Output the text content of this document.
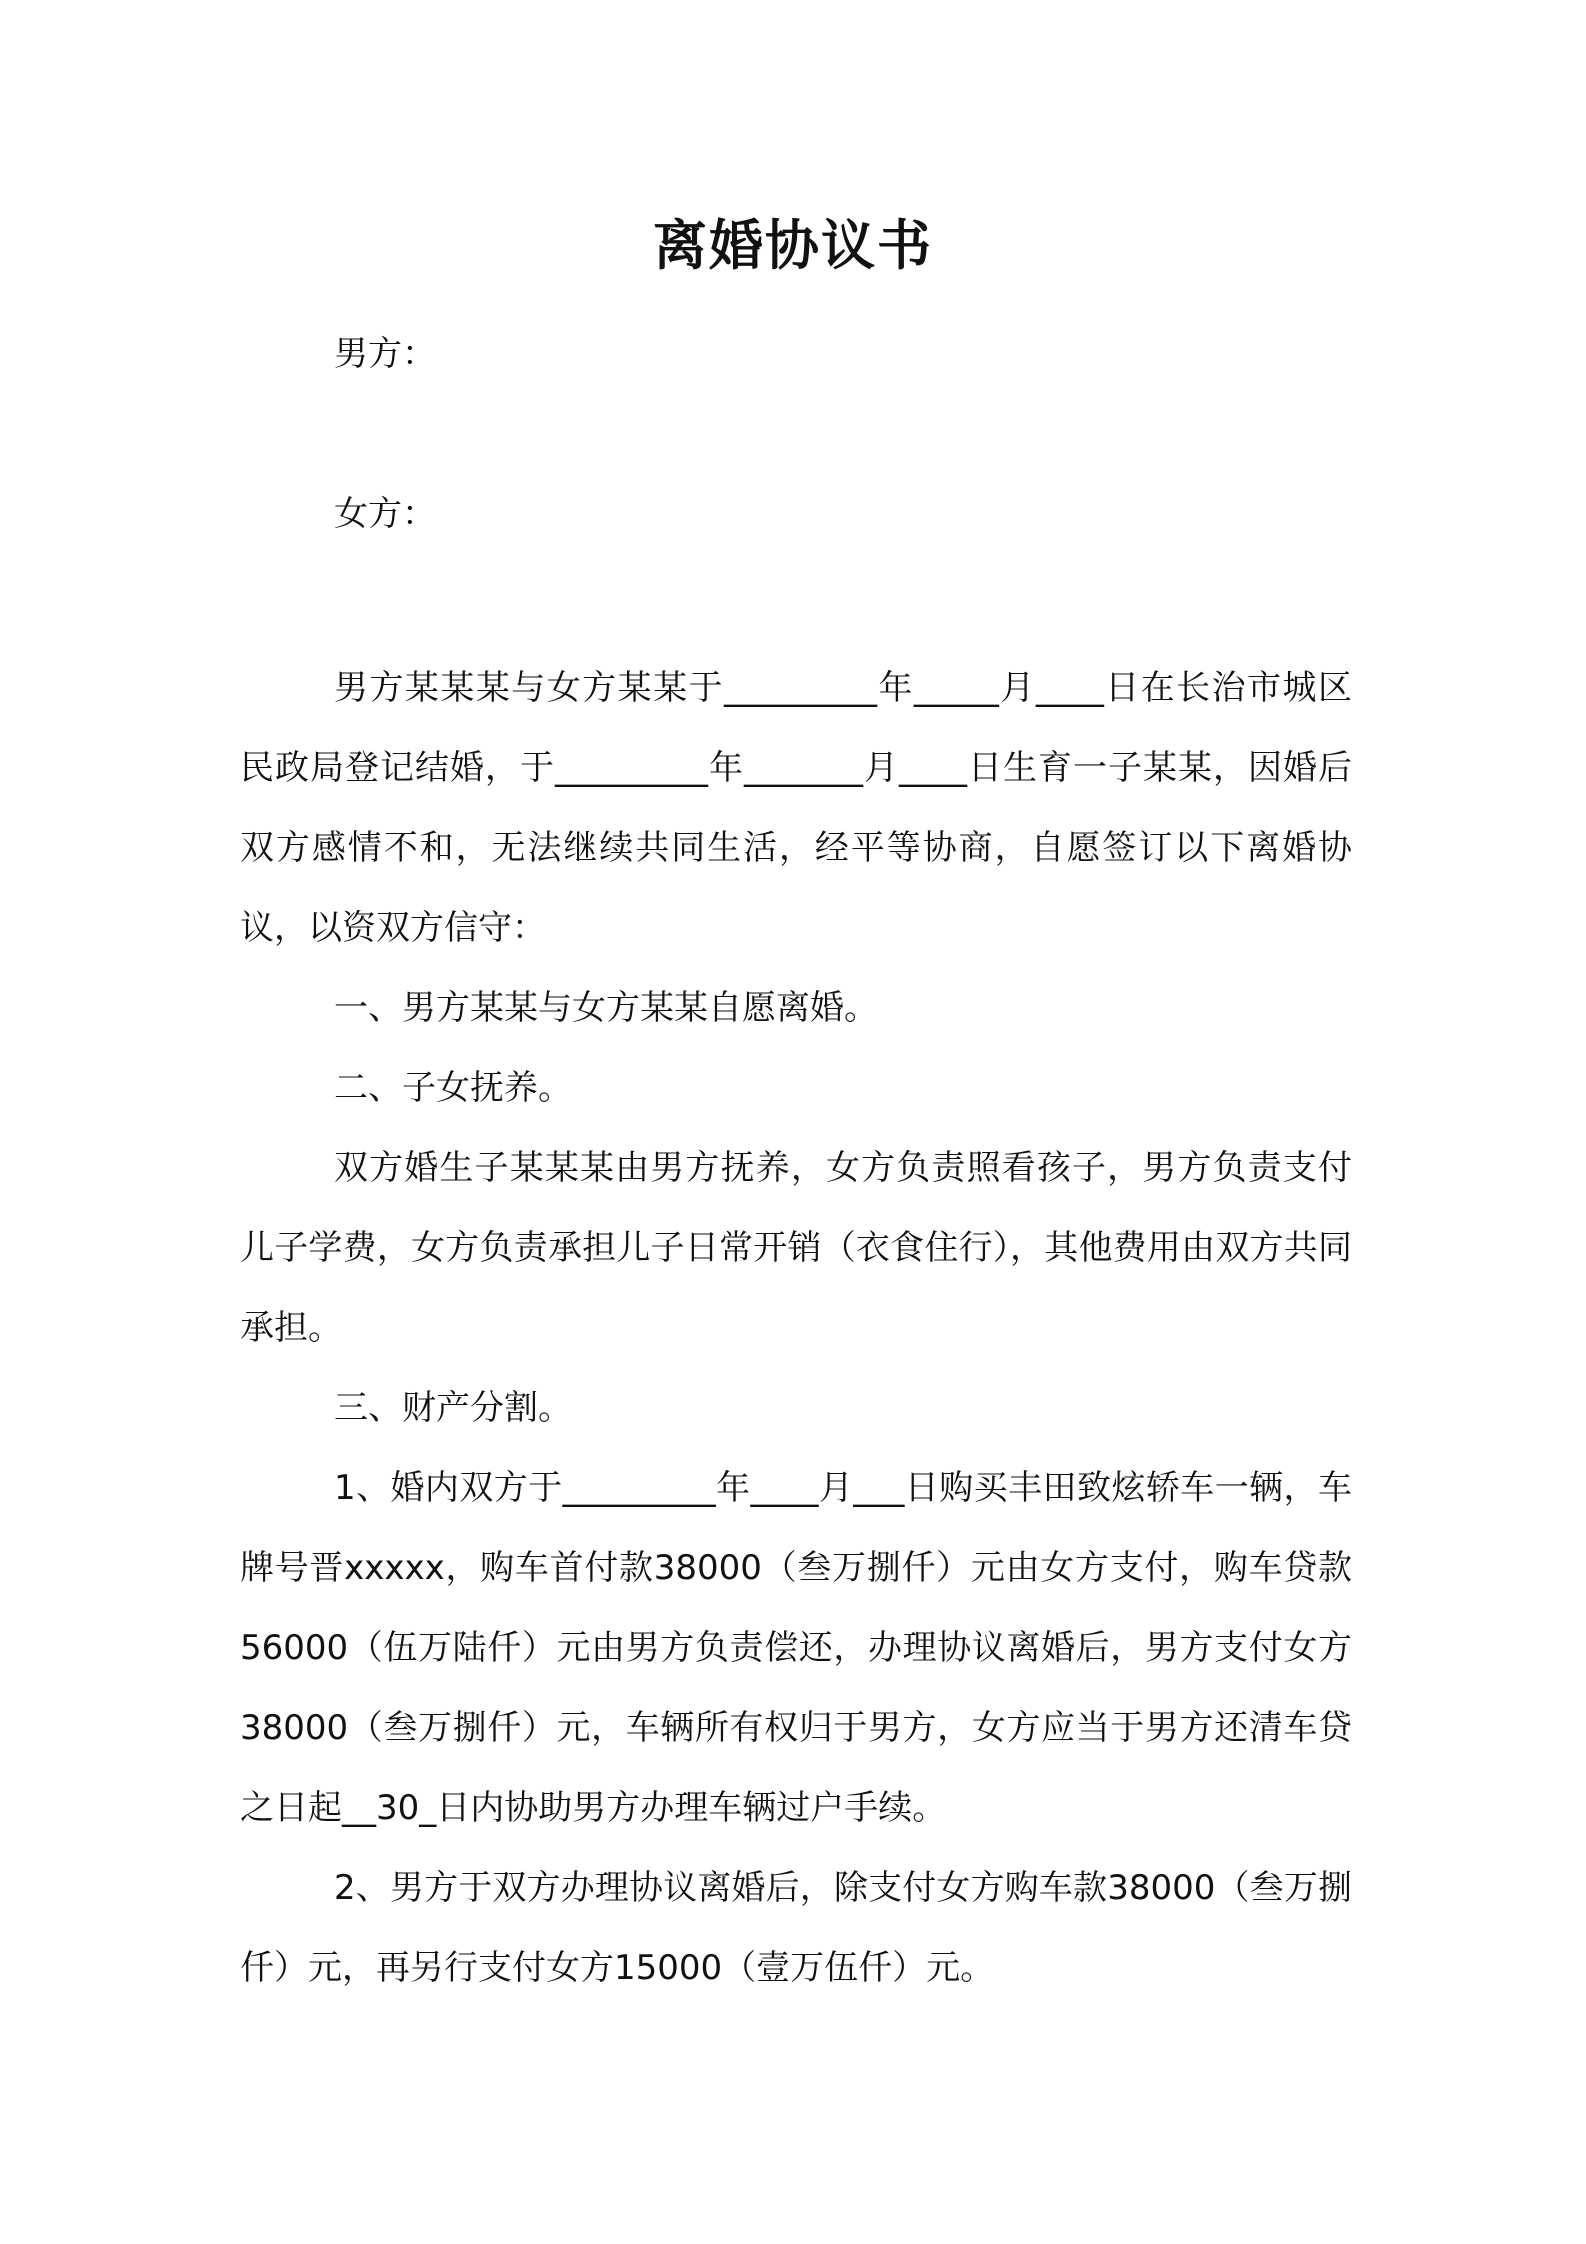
离婚协议书
男方：
女方：

男方某某某与女方某某于_________年_____月____日在长治市城区民政局登记结婚，于_________年_______月____日生育一子某某，因婚后双方感情不和，无法继续共同生活，经平等协商，自愿签订以下离婚协议，以资双方信守：

一、男方某某与女方某某自愿离婚。

二、子女抚养。

双方婚生子某某某由男方抚养，女方负责照看孩子，男方负责支付儿子学费，女方负责承担儿子日常开销（衣食住行），其他费用由双方共同承担。

三、财产分割。

1、婚内双方于_________年____月___日购买丰田致炫轿车一辆，车牌号晋xxxxx，购车首付款38000（叁万捌仟）元由女方支付，购车贷款56000（伍万陆仟）元由男方负责偿还，办理协议离婚后，男方支付女方38000（叁万捌仟）元，车辆所有权归于男方，女方应当于男方还清车贷之日起__30_日内协助男方办理车辆过户手续。

2、男方于双方办理协议离婚后，除支付女方购车款38000（叁万捌仟）元，再另行支付女方15000（壹万伍仟）元。
